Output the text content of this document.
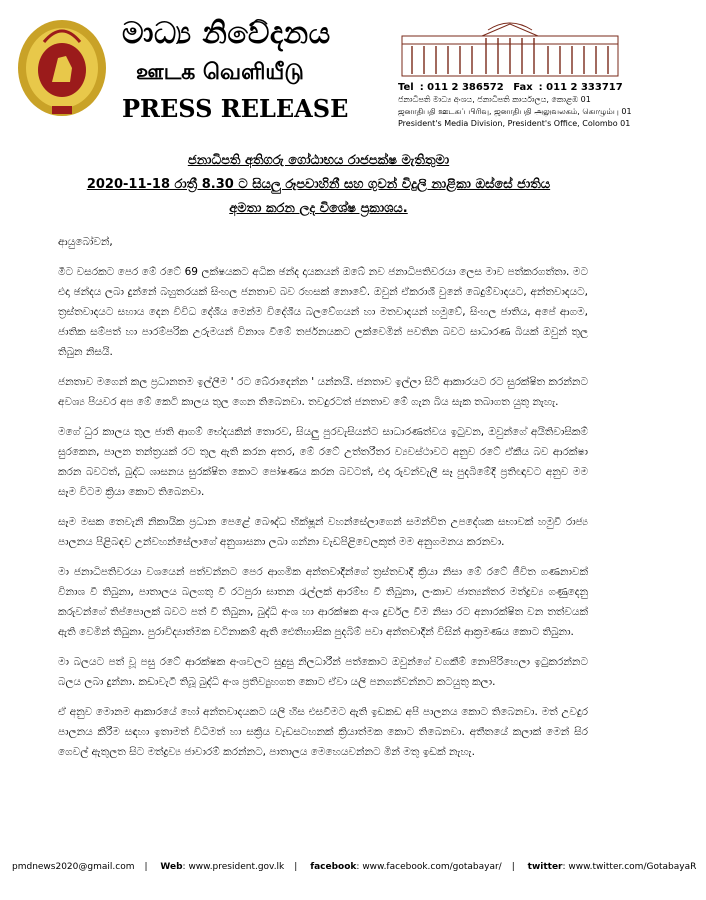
මාධ්‍ය නිවේදනය
ஊடக வெளியீடு
PRESS RELEASE
Tel : 011 2 386572 Fax : 011 2 333717
ජනාධිපති මාධ්‍ය අංශය, ජනාධිපති කාර්යාලය, කොළඹ 01
ஜனாதிபதி ஊடகப் பிரிவு, ஜனாதிபதி அலுவலகம், கொழும்பு 01
President's Media Division, President's Office, Colombo 01
ජනාධිපති අතිගරු ගෝඨාභය රාජපක්ෂ මැතිතුමා
2020-11-18 රාත්‍රී 8.30 ට සියලු රූපවාහිනී සහ ගුවන් විදුලි නාළිකා ඔස්සේ ජාතිය
අමතා කරන ලද විශේෂ ප්‍රකාශය.
ආයුබෝවන්,

මීට වසරකට පෙර මේ රටේ 69 ලක්ෂයකට අධික ඡන්ද දායකයන් ඔබේ නව ජනාධිපතිවරයා ලෙස මාව පත්කරගත්තා. මට එදා ඡන්දය ලබා දුන්නේ බහුතරයක් සිංහල ජනතාව බව රහසක් නොවේ. ඔවුන් ඒකරාශී වුනේ බෙදුම්වාදයට, අන්තවාදයට, ත්‍රස්තවාදයට සහාය දෙන විවිධ දේශීය මෙන්ම විදේශීය බලවේගයන් හා මතවාදයන් හමුවේ, සිංහල ජාතිය, අපේ ආගම, ජාතික සම්පත් හා පාරම්පරික උරුමයන් විනාශ වීමේ තර්ජනයකට ලක්වෙමින් පවතින බවට සාධාරණ බියක් ඔවුන් තුල තිබුන නිසයි.

ජනතාව මගෙන් කල ප්‍රධානතම ඉල්ලීම ' රට බේරාදෙන්න ' යන්නයි. ජනතාව ඉල්ලා සිටි ආකාරයට රට සුරක්ෂිත කරන්නට අවශ්‍ය පියවර අප මේ කෙටි කාලය තුල ගෙන තිබෙනවා. තවදුරටත් ජනතාව මේ ගැන බිය සැක තබාගත යුතු නැහැ.

මගේ ධුර කාලය තුල ජාති ආගම් භේදයකින් තොරව, සියලු පුරවැසියන්ට සාධාරණත්වය ඉටුවන, ඔවුන්ගේ අයිතිවාසිකම් සුරකෙන, පාලන තන්ත්‍රයක් රට තුල ඇති කරන අතර, මේ රටේ උත්තරීතර ව්‍යවස්ථාවට අනුව රටේ ඒකීය බව ආරක්ෂා කරන බවටත්, බුද්ධ ශාසනය සුරක්ෂිත කොට පෝෂණය කරන බවටත්, එදා රුවන්වැලි සෑ පුදබිමේදී ප්‍රතිඥාවට අනුව මම සෑම විටම ක්‍රියා කොට තිබෙනවා.

සෑම මසක තෙවැනි නිකායික ප්‍රධාන පෙළේ බෞද්ධ භික්ෂූන් වහන්සේලාගෙන් සමන්විත උපදේශක සභාවක් හමුවී රාජ්‍ය පාලනය පිළිබඳව උන්වහන්සේලාගේ අනුශාසනා ලබා ගන්නා වැඩපිළිවෙලකුත් මම අනුගමනය කරනවා.

මා ජනාධිපතිවරයා වශයෙන් පත්වන්නට පෙර ආගමික අන්තවාදීන්ගේ ත්‍රස්තවාදී ක්‍රියා නිසා මේ රටේ ජීවිත ගණනාවක් විනාශ වී තිබුනා, පාතාලය බලගතු වී රටපුරා ඝාතන රැල්ලක් ආරම්භ වී තිබුනා, ලංකාව ජාත්‍යන්තර මත්ද්‍රව්‍ය ගණුදෙනු කරුවන්ගේ තිප්පොලක් බවට පත් වී තිබුනා, බුද්ධි අංශ හා ආරක්ෂක අංශ දුර්වල වීම නිසා රට අනාරක්ෂිත වන තත්වයක් ඇති වෙමින් තිබුනා. පුරාවිද්‍යාත්මක වටිනාකම් ඇති ඓතිහාසික පුදබිම් පවා අන්තවාදීන් විසින් ආක්‍රමණය කොට තිබුනා.

මා බලයට පත් වූ පසු රටේ ආරක්ෂක අංශවලට සුදුසු නිලධාරීන් පත්කොට ඔවුන්ගේ වගකීම් නොපිරිහෙලා ඉටුකරන්නට බලය ලබා දුන්නා. කඩාවැටී තිබූ බුද්ධි අංශ ප්‍රතිව්‍යුහගත කොට ඒවා යලි පනගන්වන්නට කටයුතු කලා.

ඒ අනුව මොනම ආකාරයේ හෝ අන්තවාදයකට යලි හිස එසවීමට ඇති ඉඩකඩ අපි පාලනය කොට තිබෙනවා. මත් උවදුර පාලනය කිරීම සඳහා ඉතාමත් විධිමත් හා සක්‍රිය වැඩසටහනක් ක්‍රියාත්මක කොට තිබෙනවා. අතීතයේ කලාක් මෙන් සිර ගෙවල් ඇතුලත සිට මත්ද්‍රව්‍ය ජාවාරම් කරන්නට, පාතාලය මෙහෙයවන්නට මින් මතු ඉඩක් නැහැ.

pmdnews2020@gmail.com | Web: www.president.gov.lk | facebook: www.facebook.com/gotabayar/ | twitter: www.twitter.com/GotabayaR
